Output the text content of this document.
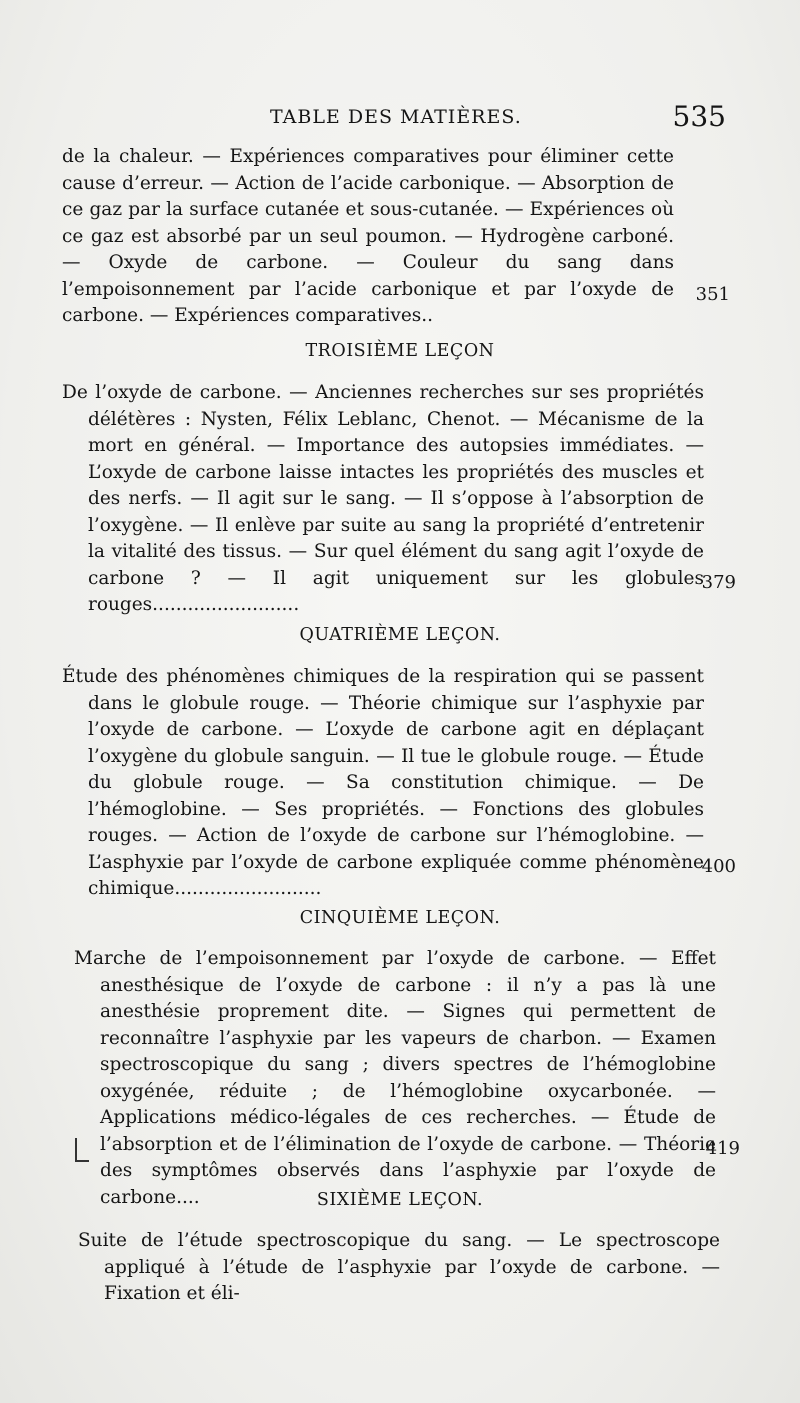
TABLE DES MATIÈRES.	535
de la chaleur. — Expériences comparatives pour éliminer cette cause d’erreur. — Action de l’acide carbonique. — Absorption de ce gaz par la surface cutanée et sous-cutanée. — Expériences où ce gaz est absorbé par un seul poumon. — Hydrogène carboné. — Oxyde de carbone. — Couleur du sang dans l’empoisonnement par l’acide carbonique et par l’oxyde de carbone. — Expériences comparatives..
351
TROISIÈME LEÇON
De l’oxyde de carbone. — Anciennes recherches sur ses propriétés délétères : Nysten, Félix Leblanc, Chenot. — Mécanisme de la mort en général. — Importance des autopsies immédiates. — L’oxyde de carbone laisse intactes les propriétés des muscles et des nerfs. — Il agit sur le sang. — Il s’oppose à l’absorption de l’oxygène. — Il enlève par suite au sang la propriété d’entretenir la vitalité des tissus. — Sur quel élément du sang agit l’oxyde de carbone ? — Il agit uniquement sur les globules rouges.........................
379
QUATRIÈME LEÇON.
Étude des phénomènes chimiques de la respiration qui se passent dans le globule rouge. — Théorie chimique sur l’asphyxie par l’oxyde de carbone. — L’oxyde de carbone agit en déplaçant l’oxygène du globule sanguin. — Il tue le globule rouge. — Étude du globule rouge. — Sa constitution chimique. — De l’hémoglobine. — Ses propriétés. — Fonctions des globules rouges. — Action de l’oxyde de carbone sur l’hémoglobine. — L’asphyxie par l’oxyde de carbone expliquée comme phénomène chimique.........................
400
CINQUIÈME LEÇON.
Marche de l’empoisonnement par l’oxyde de carbone. — Effet anesthésique de l’oxyde de carbone : il n’y a pas là une anesthésie proprement dite. — Signes qui permettent de reconnaître l’asphyxie par les vapeurs de charbon. — Examen spectroscopique du sang ; divers spectres de l’hémoglobine oxygénée, réduite ; de l’hémoglobine oxycarbonée. — Applications médico-légales de ces recherches. — Étude de l’absorption et de l’élimination de l’oxyde de carbone. — Théorie des symptômes observés dans l’asphyxie par l’oxyde de carbone....
419
SIXIÈME LEÇON.
Suite de l’étude spectroscopique du sang. — Le spectroscope appliqué à l’étude de l’asphyxie par l’oxyde de carbone. — Fixation et éli-
